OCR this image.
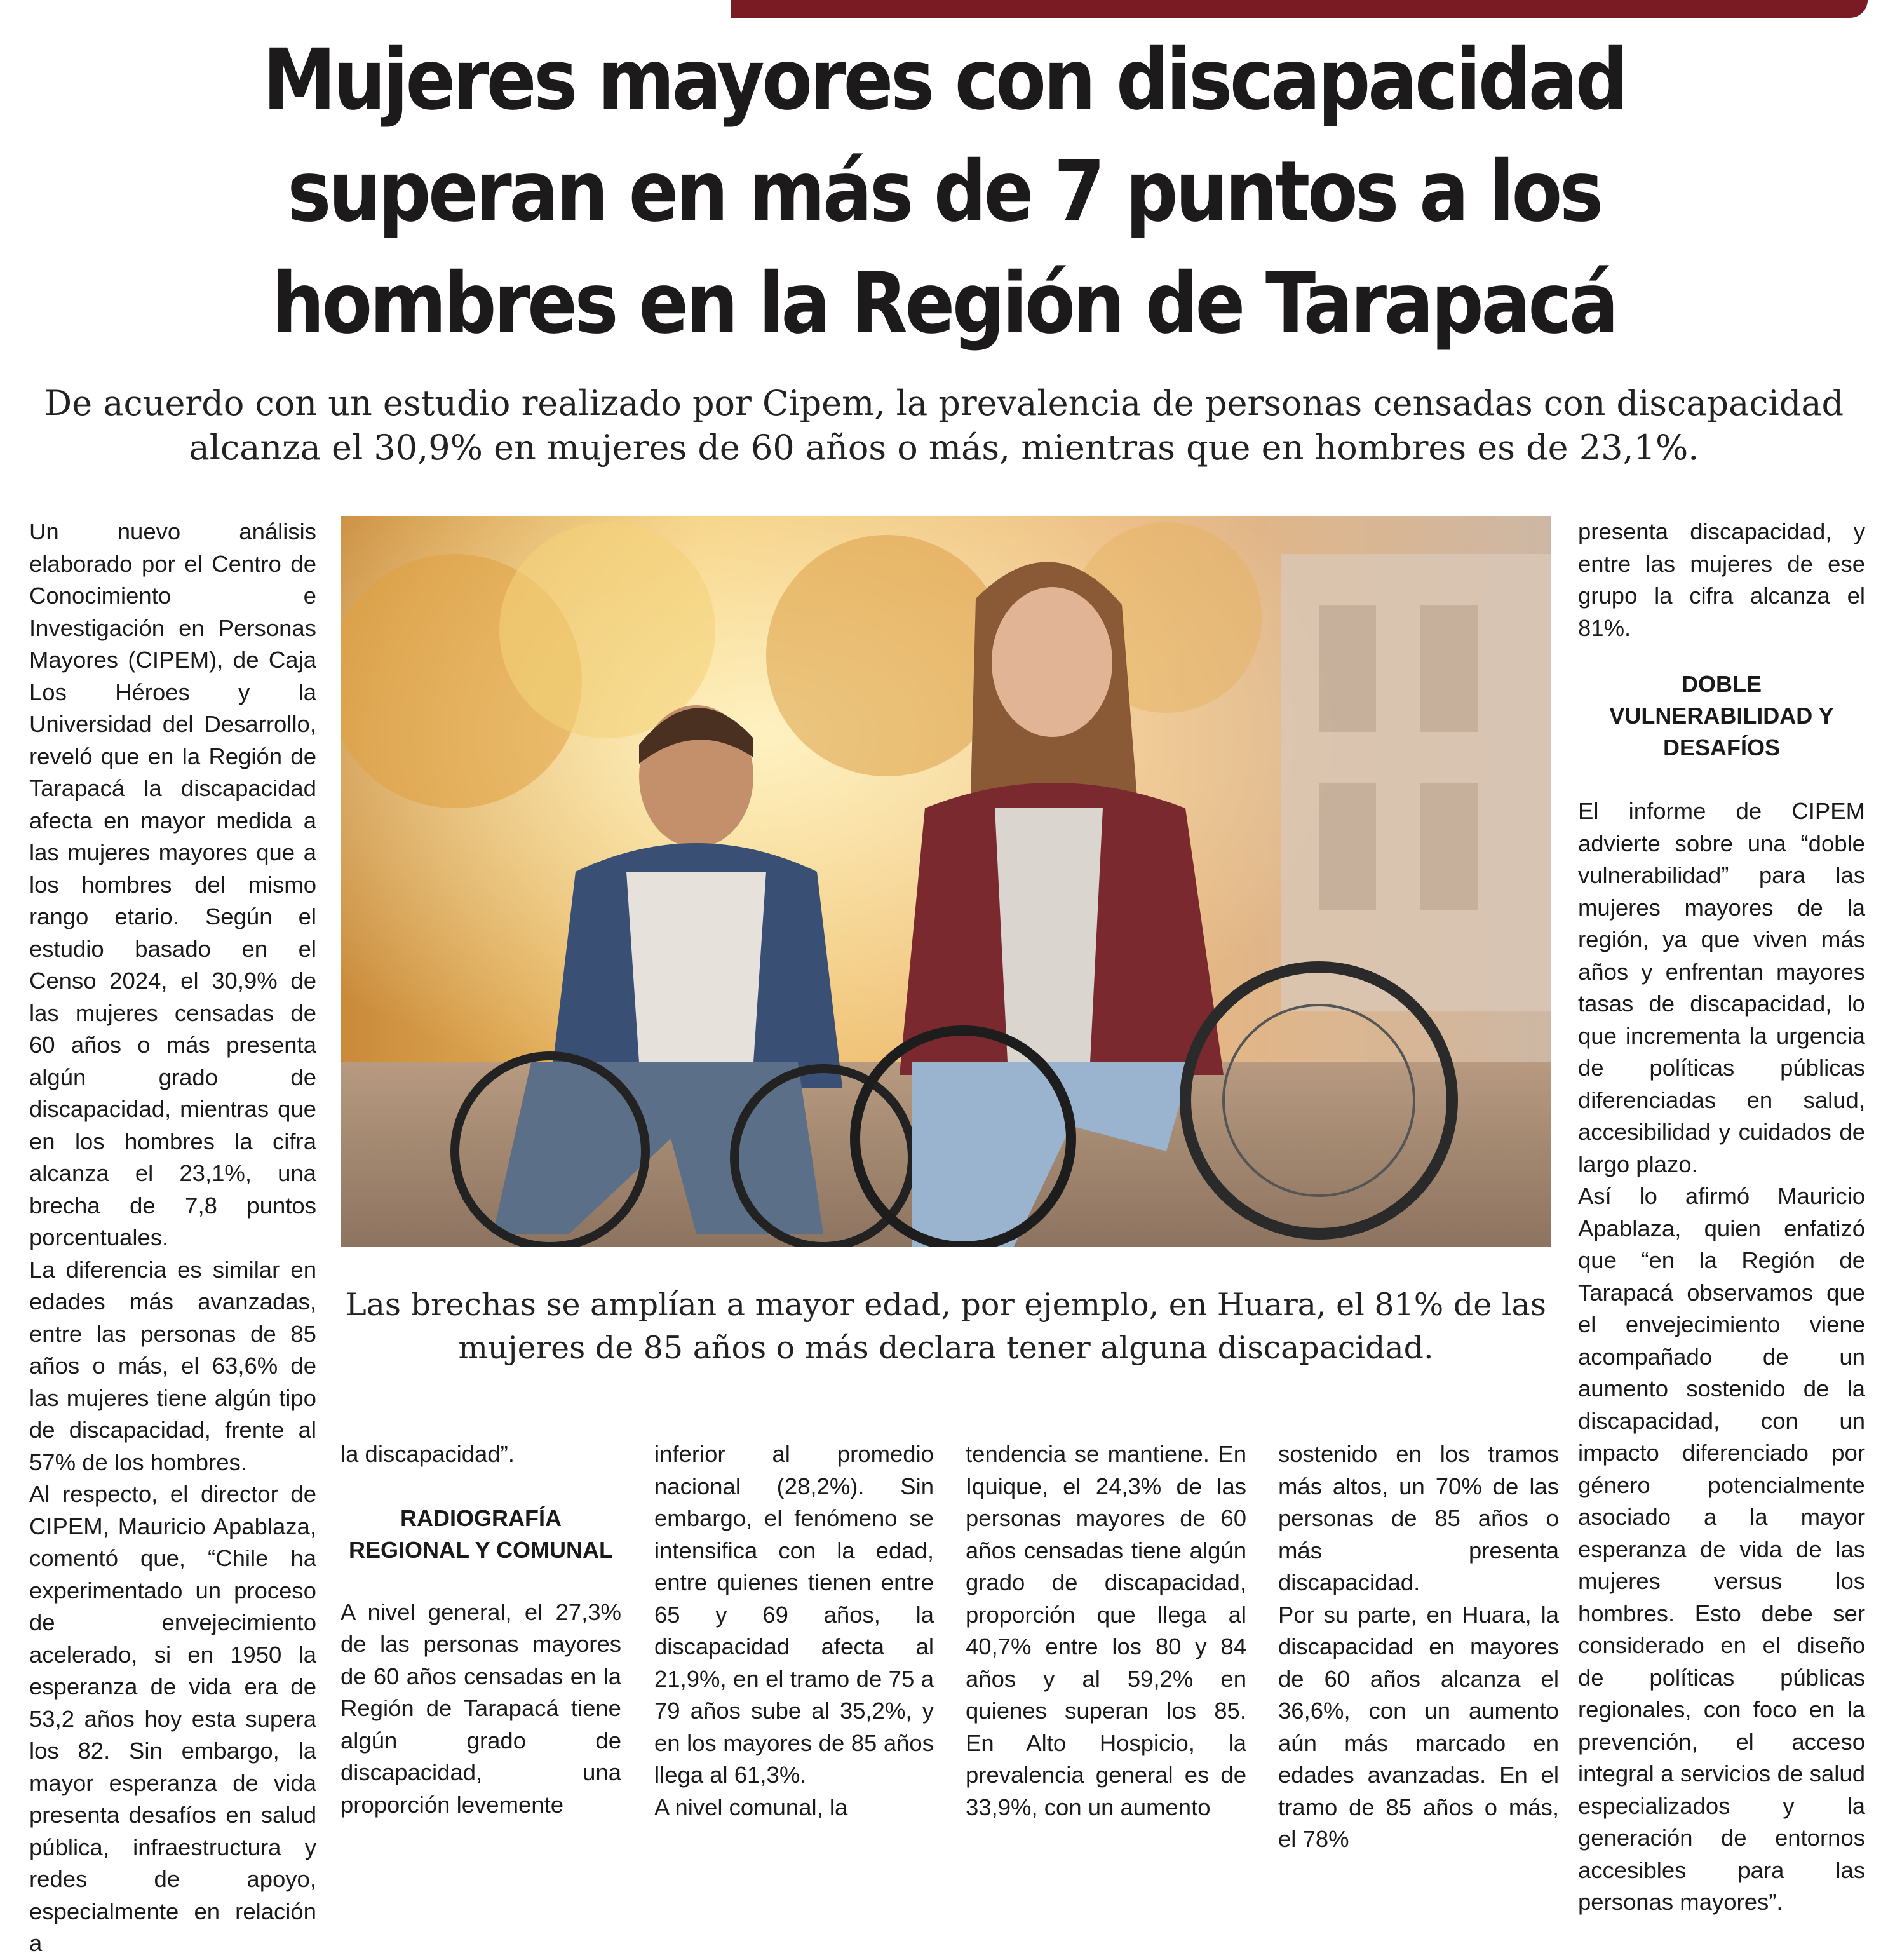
Mujeres mayores con discapacidad superan en más de 7 puntos a los hombres en la Región de Tarapacá

De acuerdo con un estudio realizado por Cipem, la prevalencia de personas censadas con discapacidad alcanza el 30,9% en mujeres de 60 años o más, mientras que en hombres es de 23,1%.

Un nuevo análisis elaborado por el Centro de Conocimiento e Investigación en Personas Mayores (CIPEM), de Caja Los Héroes y la Universidad del Desarrollo, reveló que en la Región de Tarapacá la discapacidad afecta en mayor medida a las mujeres mayores que a los hombres del mismo rango etario. Según el estudio basado en el Censo 2024, el 30,9% de las mujeres censadas de 60 años o más presenta algún grado de discapacidad, mientras que en los hombres la cifra alcanza el 23,1%, una brecha de 7,8 puntos porcentuales.

La diferencia es similar en edades más avanzadas, entre las personas de 85 años o más, el 63,6% de las mujeres tiene algún tipo de discapacidad, frente al 57% de los hombres.

Al respecto, el director de CIPEM, Mauricio Apablaza, comentó que, “Chile ha experimentado un proceso de envejecimiento acelerado, si en 1950 la esperanza de vida era de 53,2 años hoy esta supera los 82. Sin embargo, la mayor esperanza de vida presenta desafíos en salud pública, infraestructura y redes de apoyo, especialmente en relación a

Las brechas se amplían a mayor edad, por ejemplo, en Huara, el 81% de las mujeres de 85 años o más declara tener alguna discapacidad.

la discapacidad”.

RADIOGRAFÍA REGIONAL Y COMUNAL

A nivel general, el 27,3% de las personas mayores de 60 años censadas en la Región de Tarapacá tiene algún grado de discapacidad, una proporción levemente

inferior al promedio nacional (28,2%). Sin embargo, el fenómeno se intensifica con la edad, entre quienes tienen entre 65 y 69 años, la discapacidad afecta al 21,9%, en el tramo de 75 a 79 años sube al 35,2%, y en los mayores de 85 años llega al 61,3%.

A nivel comunal, la

tendencia se mantiene. En Iquique, el 24,3% de las personas mayores de 60 años censadas tiene algún grado de discapacidad, proporción que llega al 40,7% entre los 80 y 84 años y al 59,2% en quienes superan los 85. En Alto Hospicio, la prevalencia general es de 33,9%, con un aumento

sostenido en los tramos más altos, un 70% de las personas de 85 años o más presenta discapacidad.

Por su parte, en Huara, la discapacidad en mayores de 60 años alcanza el 36,6%, con un aumento aún más marcado en edades avanzadas. En el tramo de 85 años o más, el 78%

presenta discapacidad, y entre las mujeres de ese grupo la cifra alcanza el 81%.

DOBLE VULNERABILIDAD Y DESAFÍOS

El informe de CIPEM advierte sobre una “doble vulnerabilidad” para las mujeres mayores de la región, ya que viven más años y enfrentan mayores tasas de discapacidad, lo que incrementa la urgencia de políticas públicas diferenciadas en salud, accesibilidad y cuidados de largo plazo.

Así lo afirmó Mauricio Apablaza, quien enfatizó que “en la Región de Tarapacá observamos que el envejecimiento viene acompañado de un aumento sostenido de la discapacidad, con un impacto diferenciado por género potencialmente asociado a la mayor esperanza de vida de las mujeres versus los hombres. Esto debe ser considerado en el diseño de políticas públicas regionales, con foco en la prevención, el acceso integral a servicios de salud especializados y la generación de entornos accesibles para las personas mayores”.
